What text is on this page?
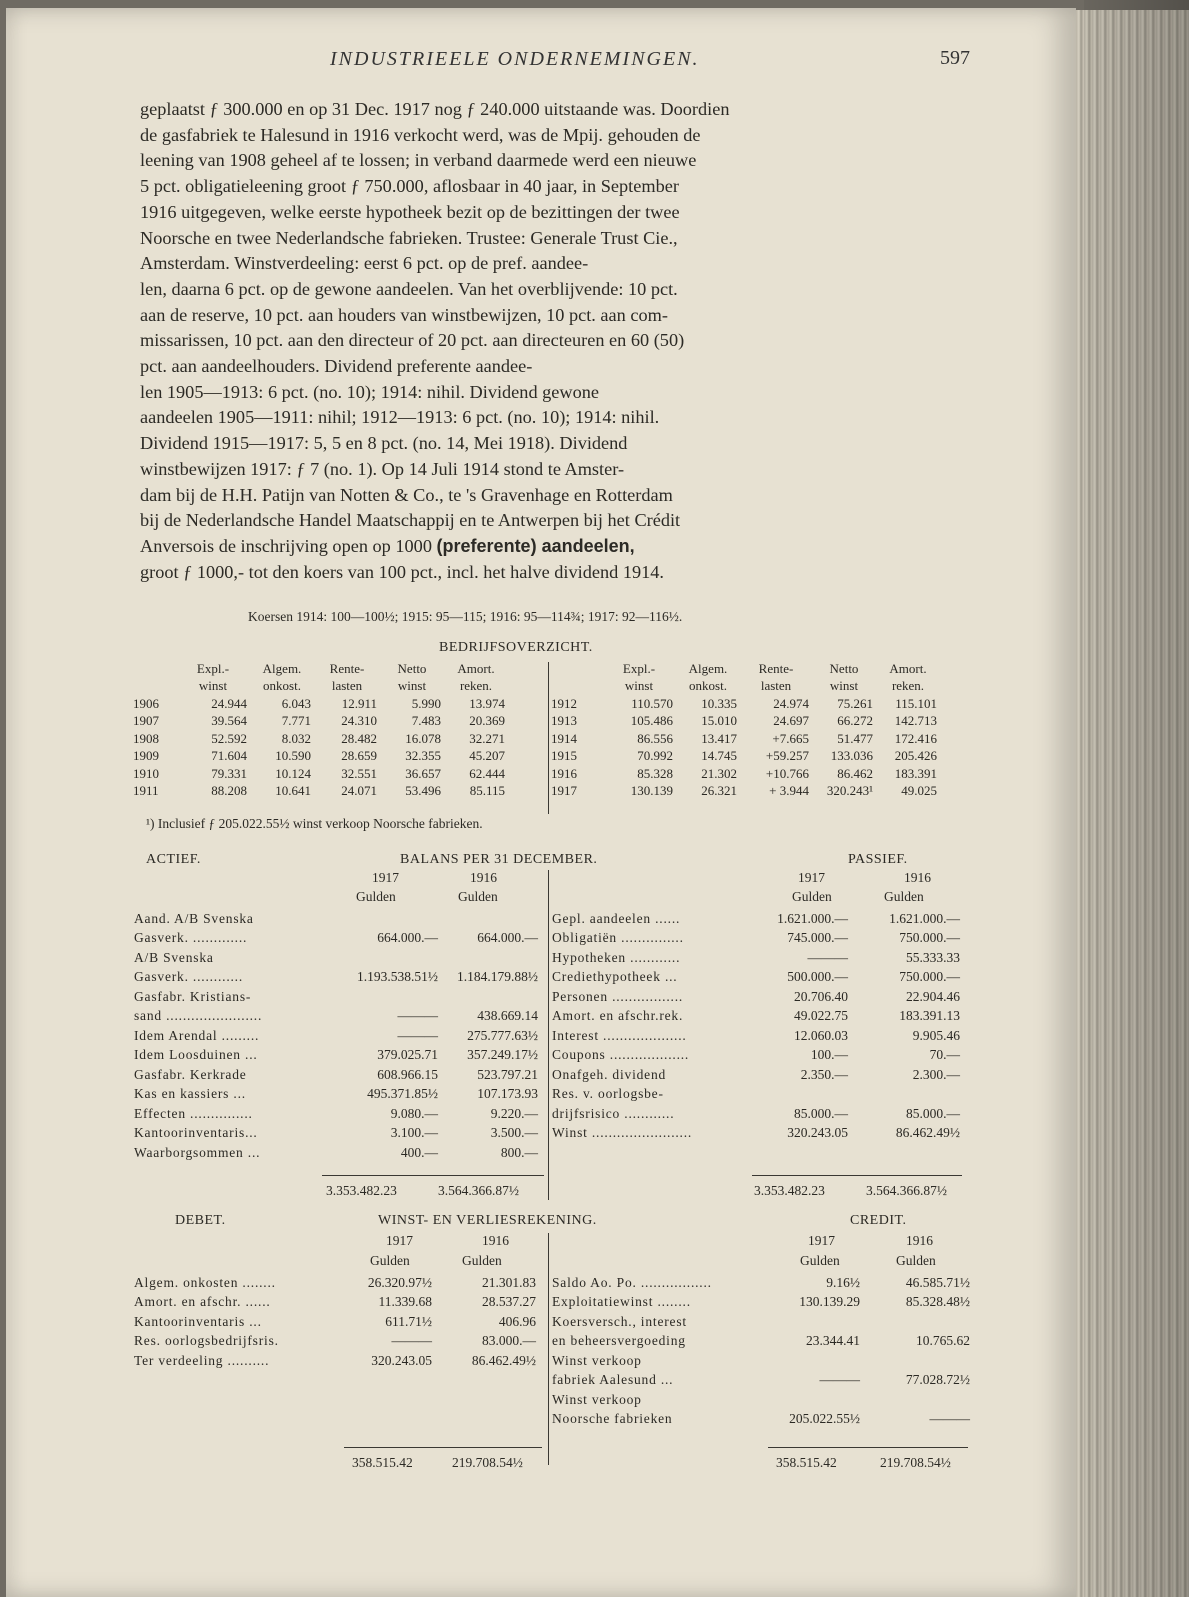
INDUSTRIEELE ONDERNEMINGEN.	597
geplaatst ƒ 300.000 en op 31 Dec. 1917 nog ƒ 240.000 uitstaande was. Doordien
de gasfabriek te Halesund in 1916 verkocht werd, was de Mpij. gehouden de
leening van 1908 geheel af te lossen; in verband daarmede werd een nieuwe
5 pct. obligatieleening groot ƒ 750.000, aflosbaar in 40 jaar, in September
1916 uitgegeven, welke eerste hypotheek bezit op de bezittingen der twee
Noorsche en twee Nederlandsche fabrieken. Trustee: Generale Trust Cie.,
Amsterdam. Winstverdeeling: eerst 6 pct. op de pref. aandee-
len, daarna 6 pct. op de gewone aandeelen. Van het overblijvende: 10 pct.
aan de reserve, 10 pct. aan houders van winstbewijzen, 10 pct. aan com-
missarissen, 10 pct. aan den directeur of 20 pct. aan directeuren en 60 (50)
pct. aan aandeelhouders. Dividend preferente aandee-
len 1905—1913: 6 pct. (no. 10); 1914: nihil. Dividend gewone
aandeelen 1905—1911: nihil; 1912—1913: 6 pct. (no. 10); 1914: nihil.
Dividend 1915—1917: 5, 5 en 8 pct. (no. 14, Mei 1918). Dividend
winstbewijzen 1917: ƒ 7 (no. 1). Op 14 Juli 1914 stond te Amster-
dam bij de H.H. Patijn van Notten & Co., te 's Gravenhage en Rotterdam
bij de Nederlandsche Handel Maatschappij en te Antwerpen bij het Crédit
Anversois de inschrijving open op 1000 (preferente) aandeelen,
groot ƒ 1000,- tot den koers van 100 pct., incl. het halve dividend 1914.
Koersen 1914: 100—100½; 1915: 95—115; 1916: 95—114¾; 1917: 92—116½.
BEDRIJFSOVERZICHT.
	Expl.-	Algem.	Rente-	Netto	Amort.
	winst	onkost.	lasten	winst	reken.
1906	24.944	6.043	12.911	5.990	13.974
1907	39.564	7.771	24.310	7.483	20.369
1908	52.592	8.032	28.482	16.078	32.271
1909	71.604	10.590	28.659	32.355	45.207
1910	79.331	10.124	32.551	36.657	62.444
1911	88.208	10.641	24.071	53.496	85.115
	Expl.-	Algem.	Rente-	Netto	Amort.
	winst	onkost.	lasten	winst	reken.
1912	110.570	10.335	24.974	75.261	115.101
1913	105.486	15.010	24.697	66.272	142.713
1914	86.556	13.417	+7.665	51.477	172.416
1915	70.992	14.745	+59.257	133.036	205.426
1916	85.328	21.302	+10.766	86.462	183.391
1917	130.139	26.321	+ 3.944	320.243¹	49.025
¹) Inclusief ƒ 205.022.55½ winst verkoop Noorsche fabrieken.
ACTIEF.	BALANS PER 31 DECEMBER.	PASSIEF.
1917	1916
Gulden	Gulden
1917	1916
Gulden	Gulden
Aand. A/B Svenska		
Gasverk. .............	664.000.—	664.000.—
A/B Svenska		
Gasverk. ............	1.193.538.51½	1.184.179.88½
Gasfabr. Kristians-		
sand .......................	———	438.669.14
Idem Arendal .........	———	275.777.63½
Idem Loosduinen ...	379.025.71	357.249.17½
Gasfabr. Kerkrade	608.966.15	523.797.21
Kas en kassiers ...	495.371.85½	107.173.93
Effecten ...............	9.080.—	9.220.—
Kantoorinventaris...	3.100.—	3.500.—
Waarborgsommen ...	400.—	800.—
Gepl. aandeelen ......	1.621.000.—	1.621.000.—
Obligatiën ...............	745.000.—	750.000.—
Hypotheken ............	———	55.333.33
Crediethypotheek ...	500.000.—	750.000.—
Personen .................	20.706.40	22.904.46
Amort. en afschr.rek.	49.022.75	183.391.13
Interest ....................	12.060.03	9.905.46
Coupons ...................	100.—	70.—
Onafgeh. dividend	2.350.—	2.300.—
Res. v. oorlogsbe-		
drijfsrisico ............	85.000.—	85.000.—
Winst ........................	320.243.05	86.462.49½
3.353.482.23	3.564.366.87½	3.353.482.23	3.564.366.87½
DEBET.	WINST- EN VERLIESREKENING.	CREDIT.
1917	1916
Gulden	Gulden
1917	1916
Gulden	Gulden
Algem. onkosten ........	26.320.97½	21.301.83
Amort. en afschr. ......	11.339.68	28.537.27
Kantoorinventaris ...	611.71½	406.96
Res. oorlogsbedrijfsris.	———	83.000.—
Ter verdeeling ..........	320.243.05	86.462.49½
Saldo Ao. Po. .................	9.16½	46.585.71½
Exploitatiewinst ........	130.139.29	85.328.48½
Koersversch., interest		
en beheersvergoeding	23.344.41	10.765.62
Winst verkoop		
fabriek Aalesund ...	———	77.028.72½
Winst verkoop		
Noorsche fabrieken	205.022.55½	———
358.515.42	219.708.54½	358.515.42	219.708.54½
